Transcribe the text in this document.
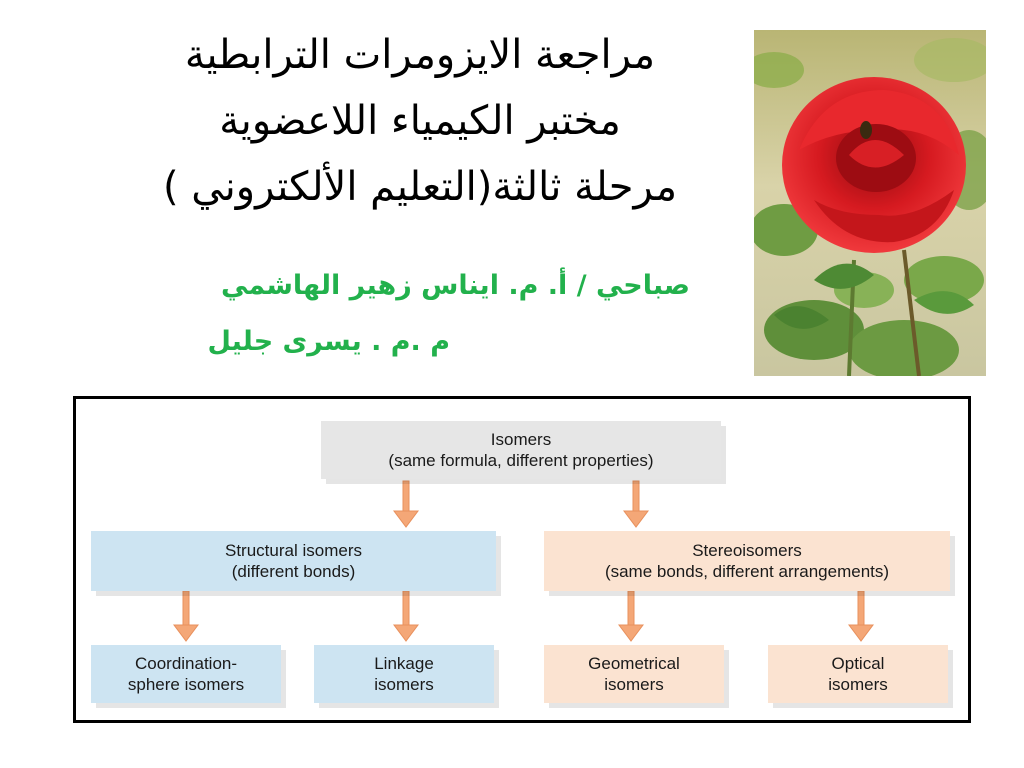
مراجعة الايزومرات الترابطية
مختبر الكيمياء اللاعضوية
مرحلة ثالثة(التعليم الألكتروني )
صباحي / أ. م. ايناس زهير الهاشمي
م .م . يسرى جليل
Isomers
(same formula, different properties)
Structural isomers
(different bonds)
Stereoisomers
(same bonds, different arrangements)
Coordination-
sphere isomers
Linkage
isomers
Geometrical
isomers
Optical
isomers
